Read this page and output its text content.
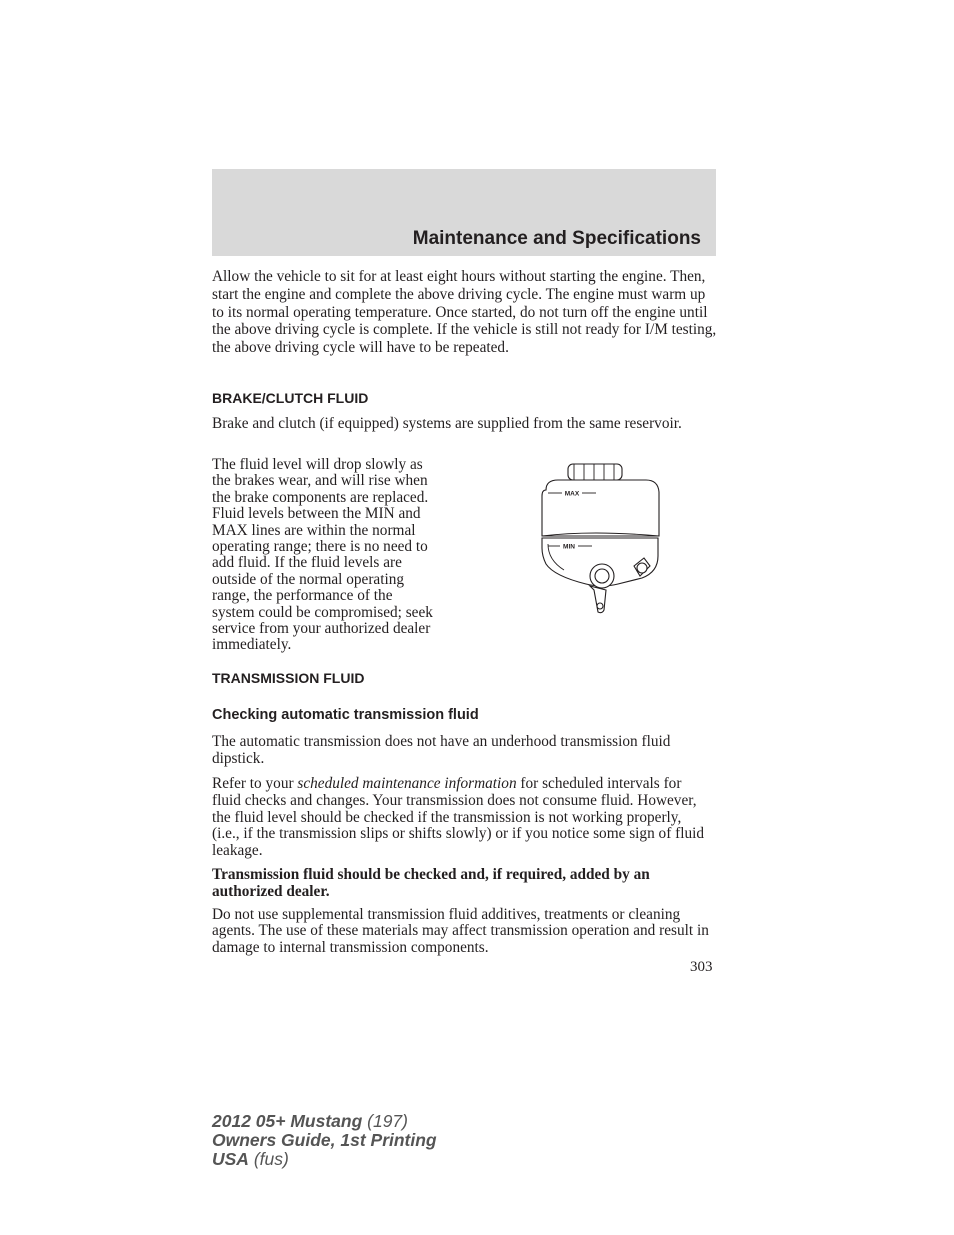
Maintenance and Specifications

Allow the vehicle to sit for at least eight hours without starting the engine. Then, start the engine and complete the above driving cycle. The engine must warm up to its normal operating temperature. Once started, do not turn off the engine until the above driving cycle is complete. If the vehicle is still not ready for I/M testing, the above driving cycle will have to be repeated.

BRAKE/CLUTCH FLUID

Brake and clutch (if equipped) systems are supplied from the same reservoir.

The fluid level will drop slowly as
the brakes wear, and will rise when
the brake components are replaced.
Fluid levels between the MIN and
MAX lines are within the normal
operating range; there is no need to
add fluid. If the fluid levels are
outside of the normal operating
range, the performance of the
system could be compromised; seek
service from your authorized dealer
immediately.
MAX
MIN
TRANSMISSION FLUID
Checking automatic transmission fluid

The automatic transmission does not have an underhood transmission fluid dipstick.

Refer to your scheduled maintenance information for scheduled intervals for fluid checks and changes. Your transmission does not consume fluid. However, the fluid level should be checked if the transmission is not working properly, (i.e., if the transmission slips or shifts slowly) or if you notice some sign of fluid leakage.

Transmission fluid should be checked and, if required, added by an authorized dealer.

Do not use supplemental transmission fluid additives, treatments or cleaning agents. The use of these materials may affect transmission operation and result in damage to internal transmission components.

303
2012 05+ Mustang (197)
Owners Guide, 1st Printing
USA (fus)
